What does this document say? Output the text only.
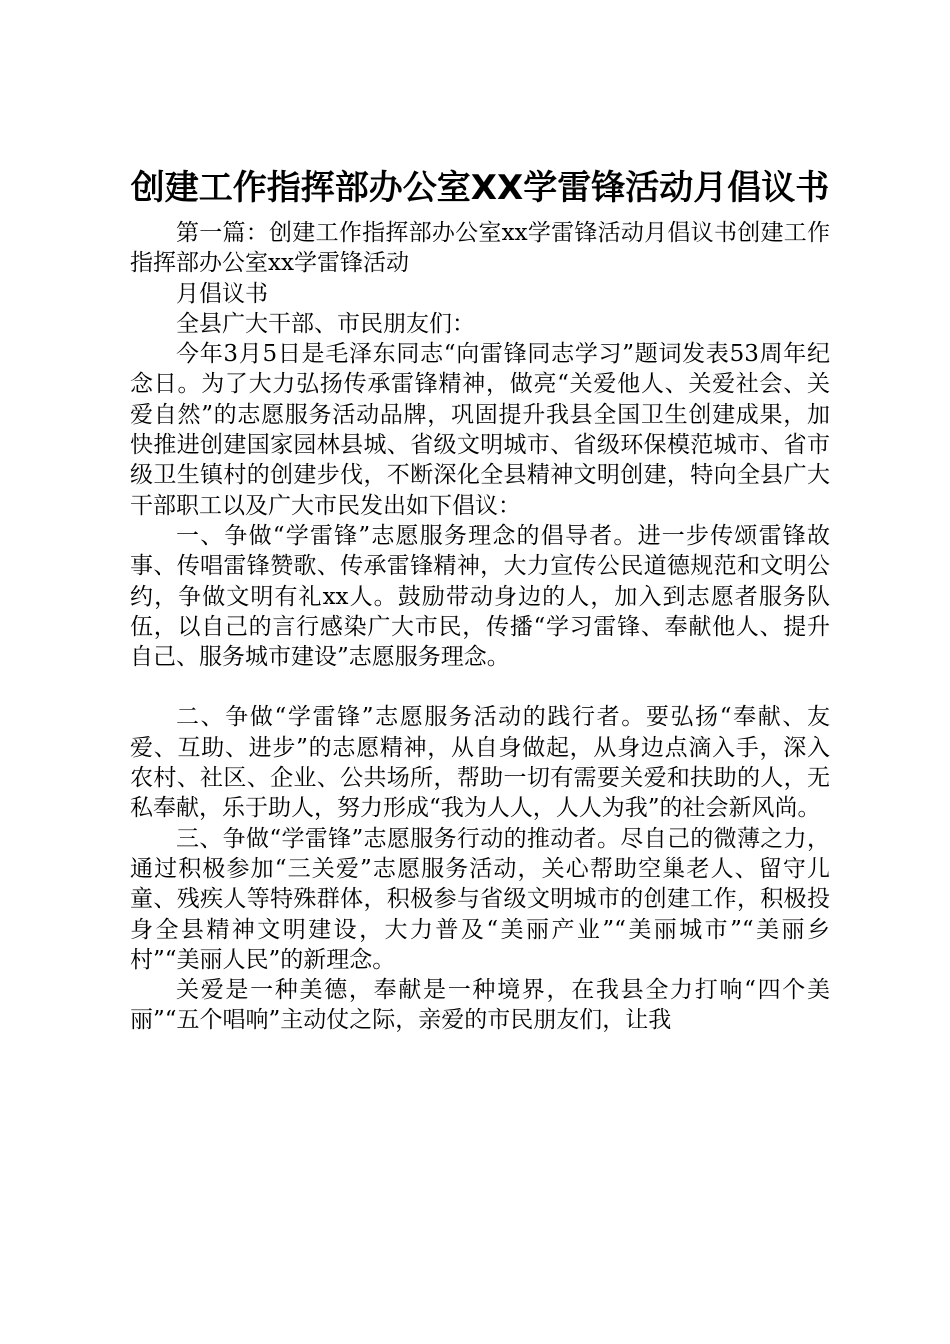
创建工作指挥部办公室XX学雷锋活动月倡议书

第一篇：创建工作指挥部办公室xx学雷锋活动月倡议书创建工作指挥部办公室xx学雷锋活动

月倡议书

全县广大干部、市民朋友们：

今年3月5日是毛泽东同志“向雷锋同志学习”题词发表53周年纪念日。为了大力弘扬传承雷锋精神，做亮“关爱他人、关爱社会、关爱自然”的志愿服务活动品牌，巩固提升我县全国卫生创建成果，加快推进创建国家园林县城、省级文明城市、省级环保模范城市、省市级卫生镇村的创建步伐，不断深化全县精神文明创建，特向全县广大干部职工以及广大市民发出如下倡议：

一、争做“学雷锋”志愿服务理念的倡导者。进一步传颂雷锋故事、传唱雷锋赞歌、传承雷锋精神，大力宣传公民道德规范和文明公约，争做文明有礼xx人。鼓励带动身边的人，加入到志愿者服务队伍，以自己的言行感染广大市民，传播“学习雷锋、奉献他人、提升自己、服务城市建设”志愿服务理念。

二、争做“学雷锋”志愿服务活动的践行者。要弘扬“奉献、友爱、互助、进步”的志愿精神，从自身做起，从身边点滴入手，深入农村、社区、企业、公共场所，帮助一切有需要关爱和扶助的人，无私奉献，乐于助人，努力形成“我为人人，人人为我”的社会新风尚。

三、争做“学雷锋”志愿服务行动的推动者。尽自己的微薄之力，通过积极参加“三关爱”志愿服务活动，关心帮助空巢老人、留守儿童、残疾人等特殊群体，积极参与省级文明城市的创建工作，积极投身全县精神文明建设，大力普及“美丽产业”“美丽城市”“美丽乡村”“美丽人民”的新理念。

关爱是一种美德，奉献是一种境界，在我县全力打响“四个美丽”“五个唱响”主动仗之际，亲爱的市民朋友们，让我
